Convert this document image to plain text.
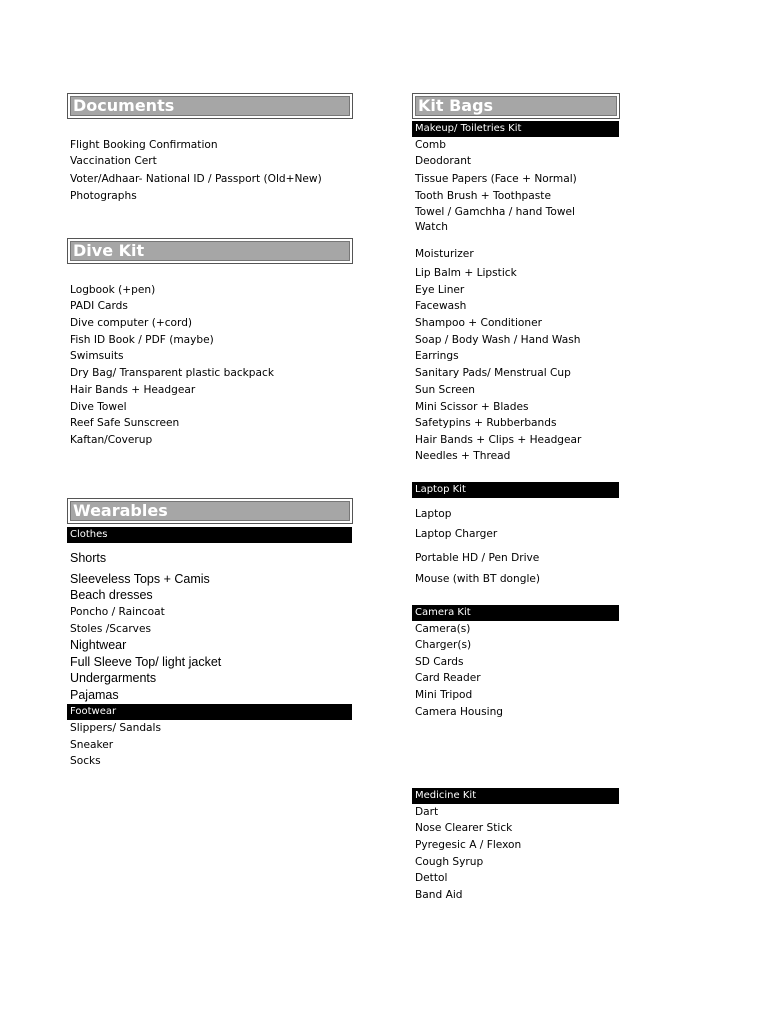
Documents
Flight Booking Confirmation
Vaccination Cert
Voter/Adhaar- National ID / Passport (Old+New)
Photographs
Dive Kit
Logbook (+pen)
PADI Cards
Dive computer (+cord)
Fish ID Book / PDF (maybe)
Swimsuits
Dry Bag/ Transparent plastic backpack
Hair Bands + Headgear
Dive Towel
Reef Safe Sunscreen
Kaftan/Coverup
Wearables
Clothes
Shorts
Sleeveless Tops + Camis
Beach dresses
Poncho / Raincoat
Stoles /Scarves
Nightwear
Full Sleeve Top/ light jacket
Undergarments
Pajamas
Footwear
Slippers/ Sandals
Sneaker
Socks
Kit Bags
Makeup/ Toiletries Kit
Comb
Deodorant
Tissue Papers (Face + Normal)
Tooth Brush + Toothpaste
Towel / Gamchha / hand Towel
Watch
Moisturizer
Lip Balm + Lipstick
Eye Liner
Facewash
Shampoo + Conditioner
Soap / Body Wash / Hand Wash
Earrings
Sanitary Pads/ Menstrual Cup
Sun Screen
Mini Scissor + Blades
Safetypins + Rubberbands
Hair Bands + Clips + Headgear
Needles + Thread
Laptop Kit
Laptop
Laptop Charger
Portable HD / Pen Drive
Mouse (with BT dongle)
Camera Kit
Camera(s)
Charger(s)
SD Cards
Card Reader
Mini Tripod
Camera Housing
Medicine Kit
Dart
Nose Clearer Stick
Pyregesic A / Flexon
Cough Syrup
Dettol
Band Aid
